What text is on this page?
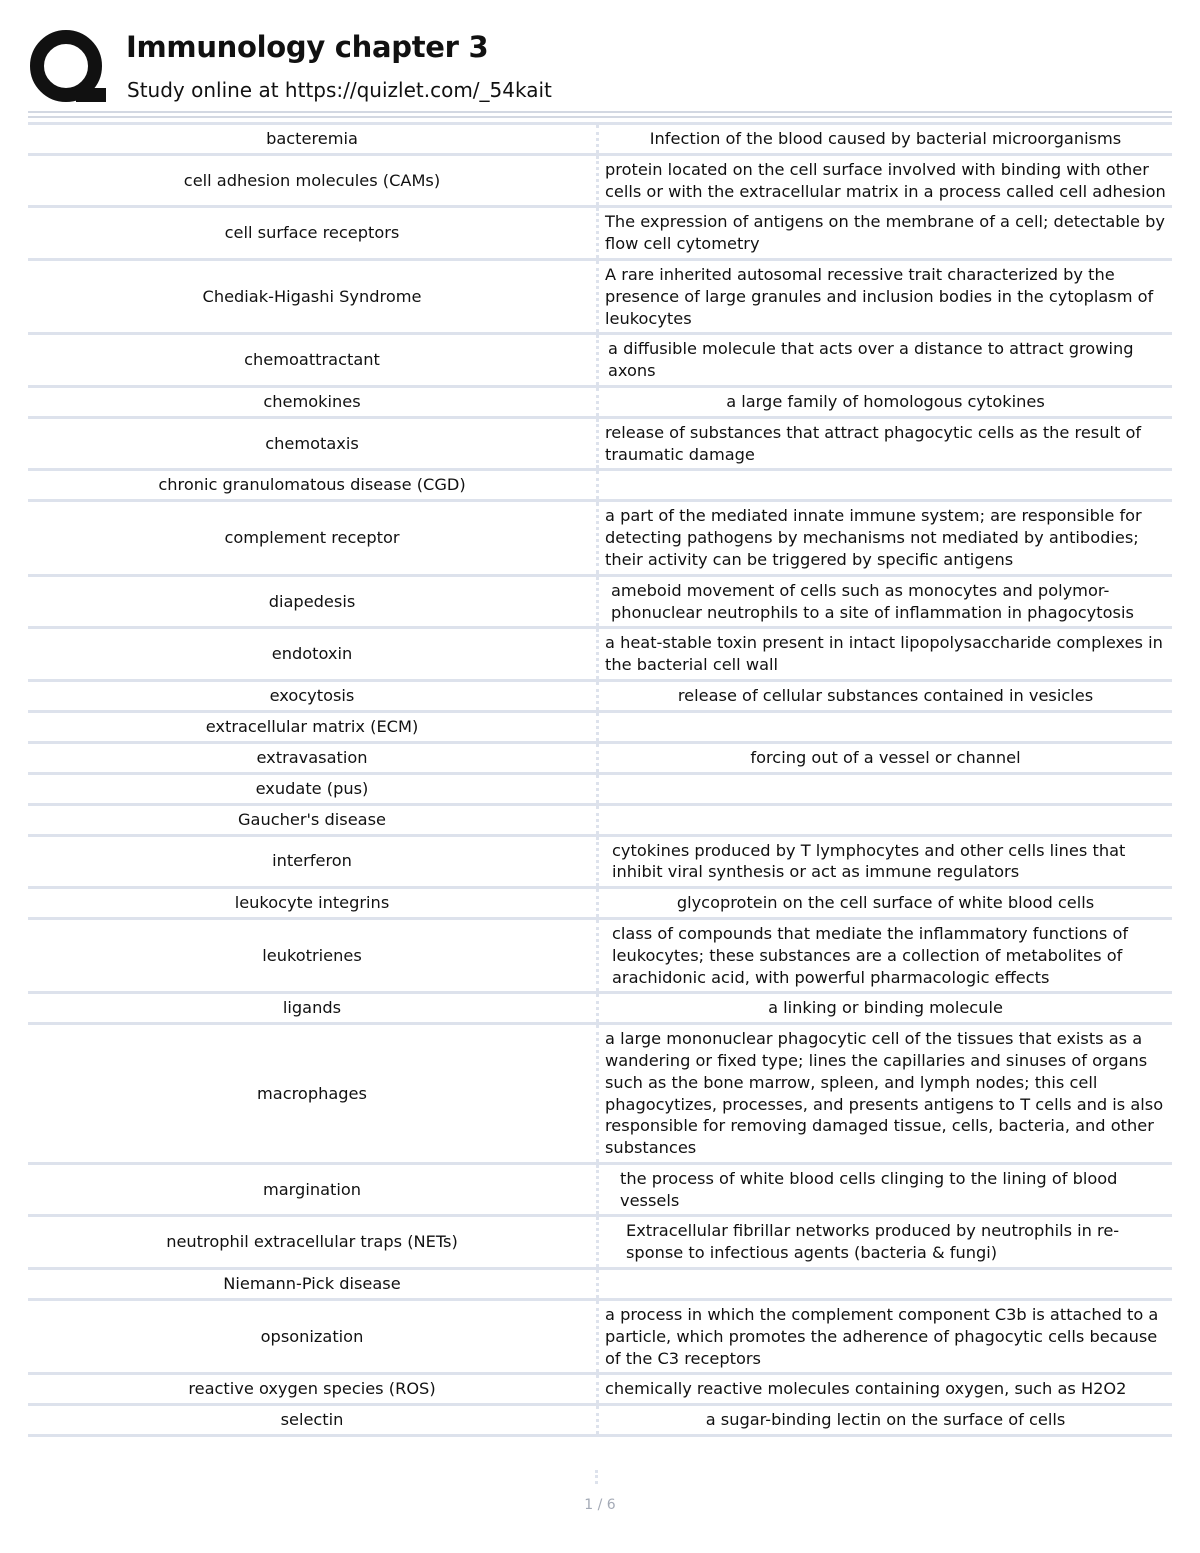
Immunology chapter 3
Study online at https://quizlet.com/_54kait
bacteremia	Infection of the blood caused by bacterial microorganisms
cell adhesion molecules (CAMs)	protein located on the cell surface involved with binding with other cells or with the extracellular matrix in a process called cell adhesion
cell surface receptors	The expression of antigens on the membrane of a cell; detectable by flow cell cytometry
Chediak-Higashi Syndrome	A rare inherited autosomal recessive trait characterized by the presence of large granules and inclusion bodies in the cytoplasm of leukocytes
chemoattractant	a diffusible molecule that acts over a distance to attract growing axons
chemokines	a large family of homologous cytokines
chemotaxis	release of substances that attract phagocytic cells as the result of traumatic damage
chronic granulomatous disease (CGD)	
complement receptor	a part of the mediated innate immune system; are responsible for detecting pathogens by mechanisms not mediated by antibodies; their activity can be triggered by specific antigens
diapedesis	ameboid movement of cells such as monocytes and polymor-phonuclear neutrophils to a site of inflammation in phagocytosis
endotoxin	a heat-stable toxin present in intact lipopolysaccharide complexes in the bacterial cell wall
exocytosis	release of cellular substances contained in vesicles
extracellular matrix (ECM)	
extravasation	forcing out of a vessel or channel
exudate (pus)	
Gaucher's disease	
interferon	cytokines produced by T lymphocytes and other cells lines that inhibit viral synthesis or act as immune regulators
leukocyte integrins	glycoprotein on the cell surface of white blood cells
leukotrienes	class of compounds that mediate the inflammatory functions of leukocytes; these substances are a collection of metabolites of arachidonic acid, with powerful pharmacologic effects
ligands	a linking or binding molecule
macrophages	a large mononuclear phagocytic cell of the tissues that exists as a wandering or fixed type; lines the capillaries and sinuses of organs such as the bone marrow, spleen, and lymph nodes; this cell phagocytizes, processes, and presents antigens to T cells and is also responsible for removing damaged tissue, cells, bacteria, and other substances
margination	the process of white blood cells clinging to the lining of blood vessels
neutrophil extracellular traps (NETs)	Extracellular fibrillar networks produced by neutrophils in re-sponse to infectious agents (bacteria & fungi)
Niemann-Pick disease	
opsonization	a process in which the complement component C3b is attached to a particle, which promotes the adherence of phagocytic cells because of the C3 receptors
reactive oxygen species (ROS)	chemically reactive molecules containing oxygen, such as H2O2
selectin	a sugar-binding lectin on the surface of cells
1 / 6
